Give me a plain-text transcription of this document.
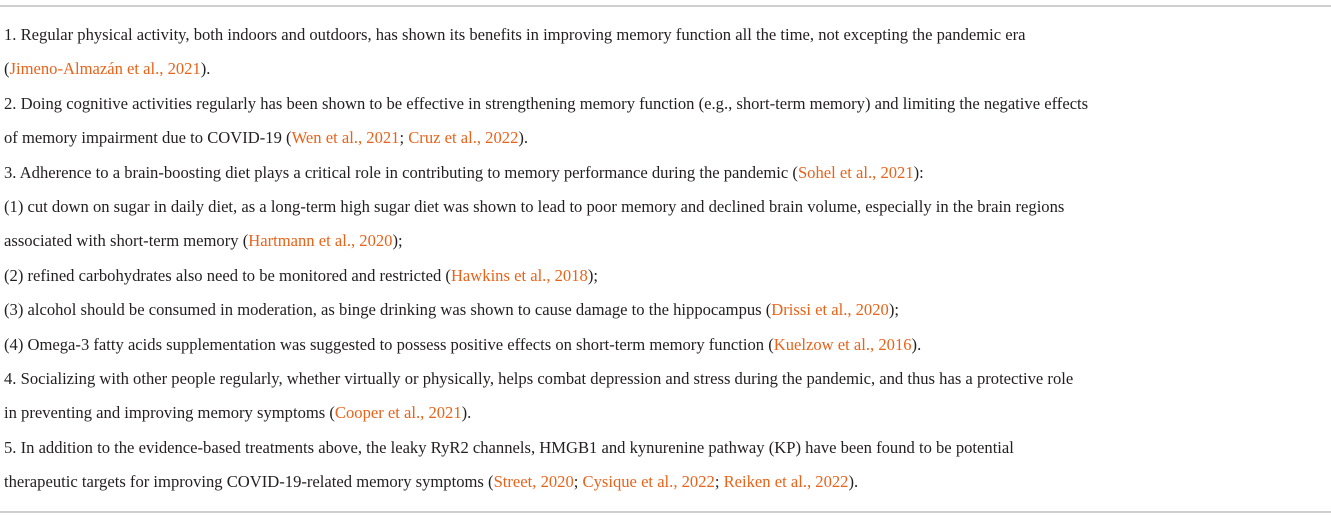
1. Regular physical activity, both indoors and outdoors, has shown its benefits in improving memory function all the time, not excepting the pandemic era
(Jimeno-Almazán et al., 2021).
2. Doing cognitive activities regularly has been shown to be effective in strengthening memory function (e.g., short-term memory) and limiting the negative effects
of memory impairment due to COVID-19 (Wen et al., 2021; Cruz et al., 2022).
3. Adherence to a brain-boosting diet plays a critical role in contributing to memory performance during the pandemic (Sohel et al., 2021):
(1) cut down on sugar in daily diet, as a long-term high sugar diet was shown to lead to poor memory and declined brain volume, especially in the brain regions
associated with short-term memory (Hartmann et al., 2020);
(2) refined carbohydrates also need to be monitored and restricted (Hawkins et al., 2018);
(3) alcohol should be consumed in moderation, as binge drinking was shown to cause damage to the hippocampus (Drissi et al., 2020);
(4) Omega-3 fatty acids supplementation was suggested to possess positive effects on short-term memory function (Kuelzow et al., 2016).
4. Socializing with other people regularly, whether virtually or physically, helps combat depression and stress during the pandemic, and thus has a protective role
in preventing and improving memory symptoms (Cooper et al., 2021).
5. In addition to the evidence-based treatments above, the leaky RyR2 channels, HMGB1 and kynurenine pathway (KP) have been found to be potential
therapeutic targets for improving COVID-19-related memory symptoms (Street, 2020; Cysique et al., 2022; Reiken et al., 2022).
